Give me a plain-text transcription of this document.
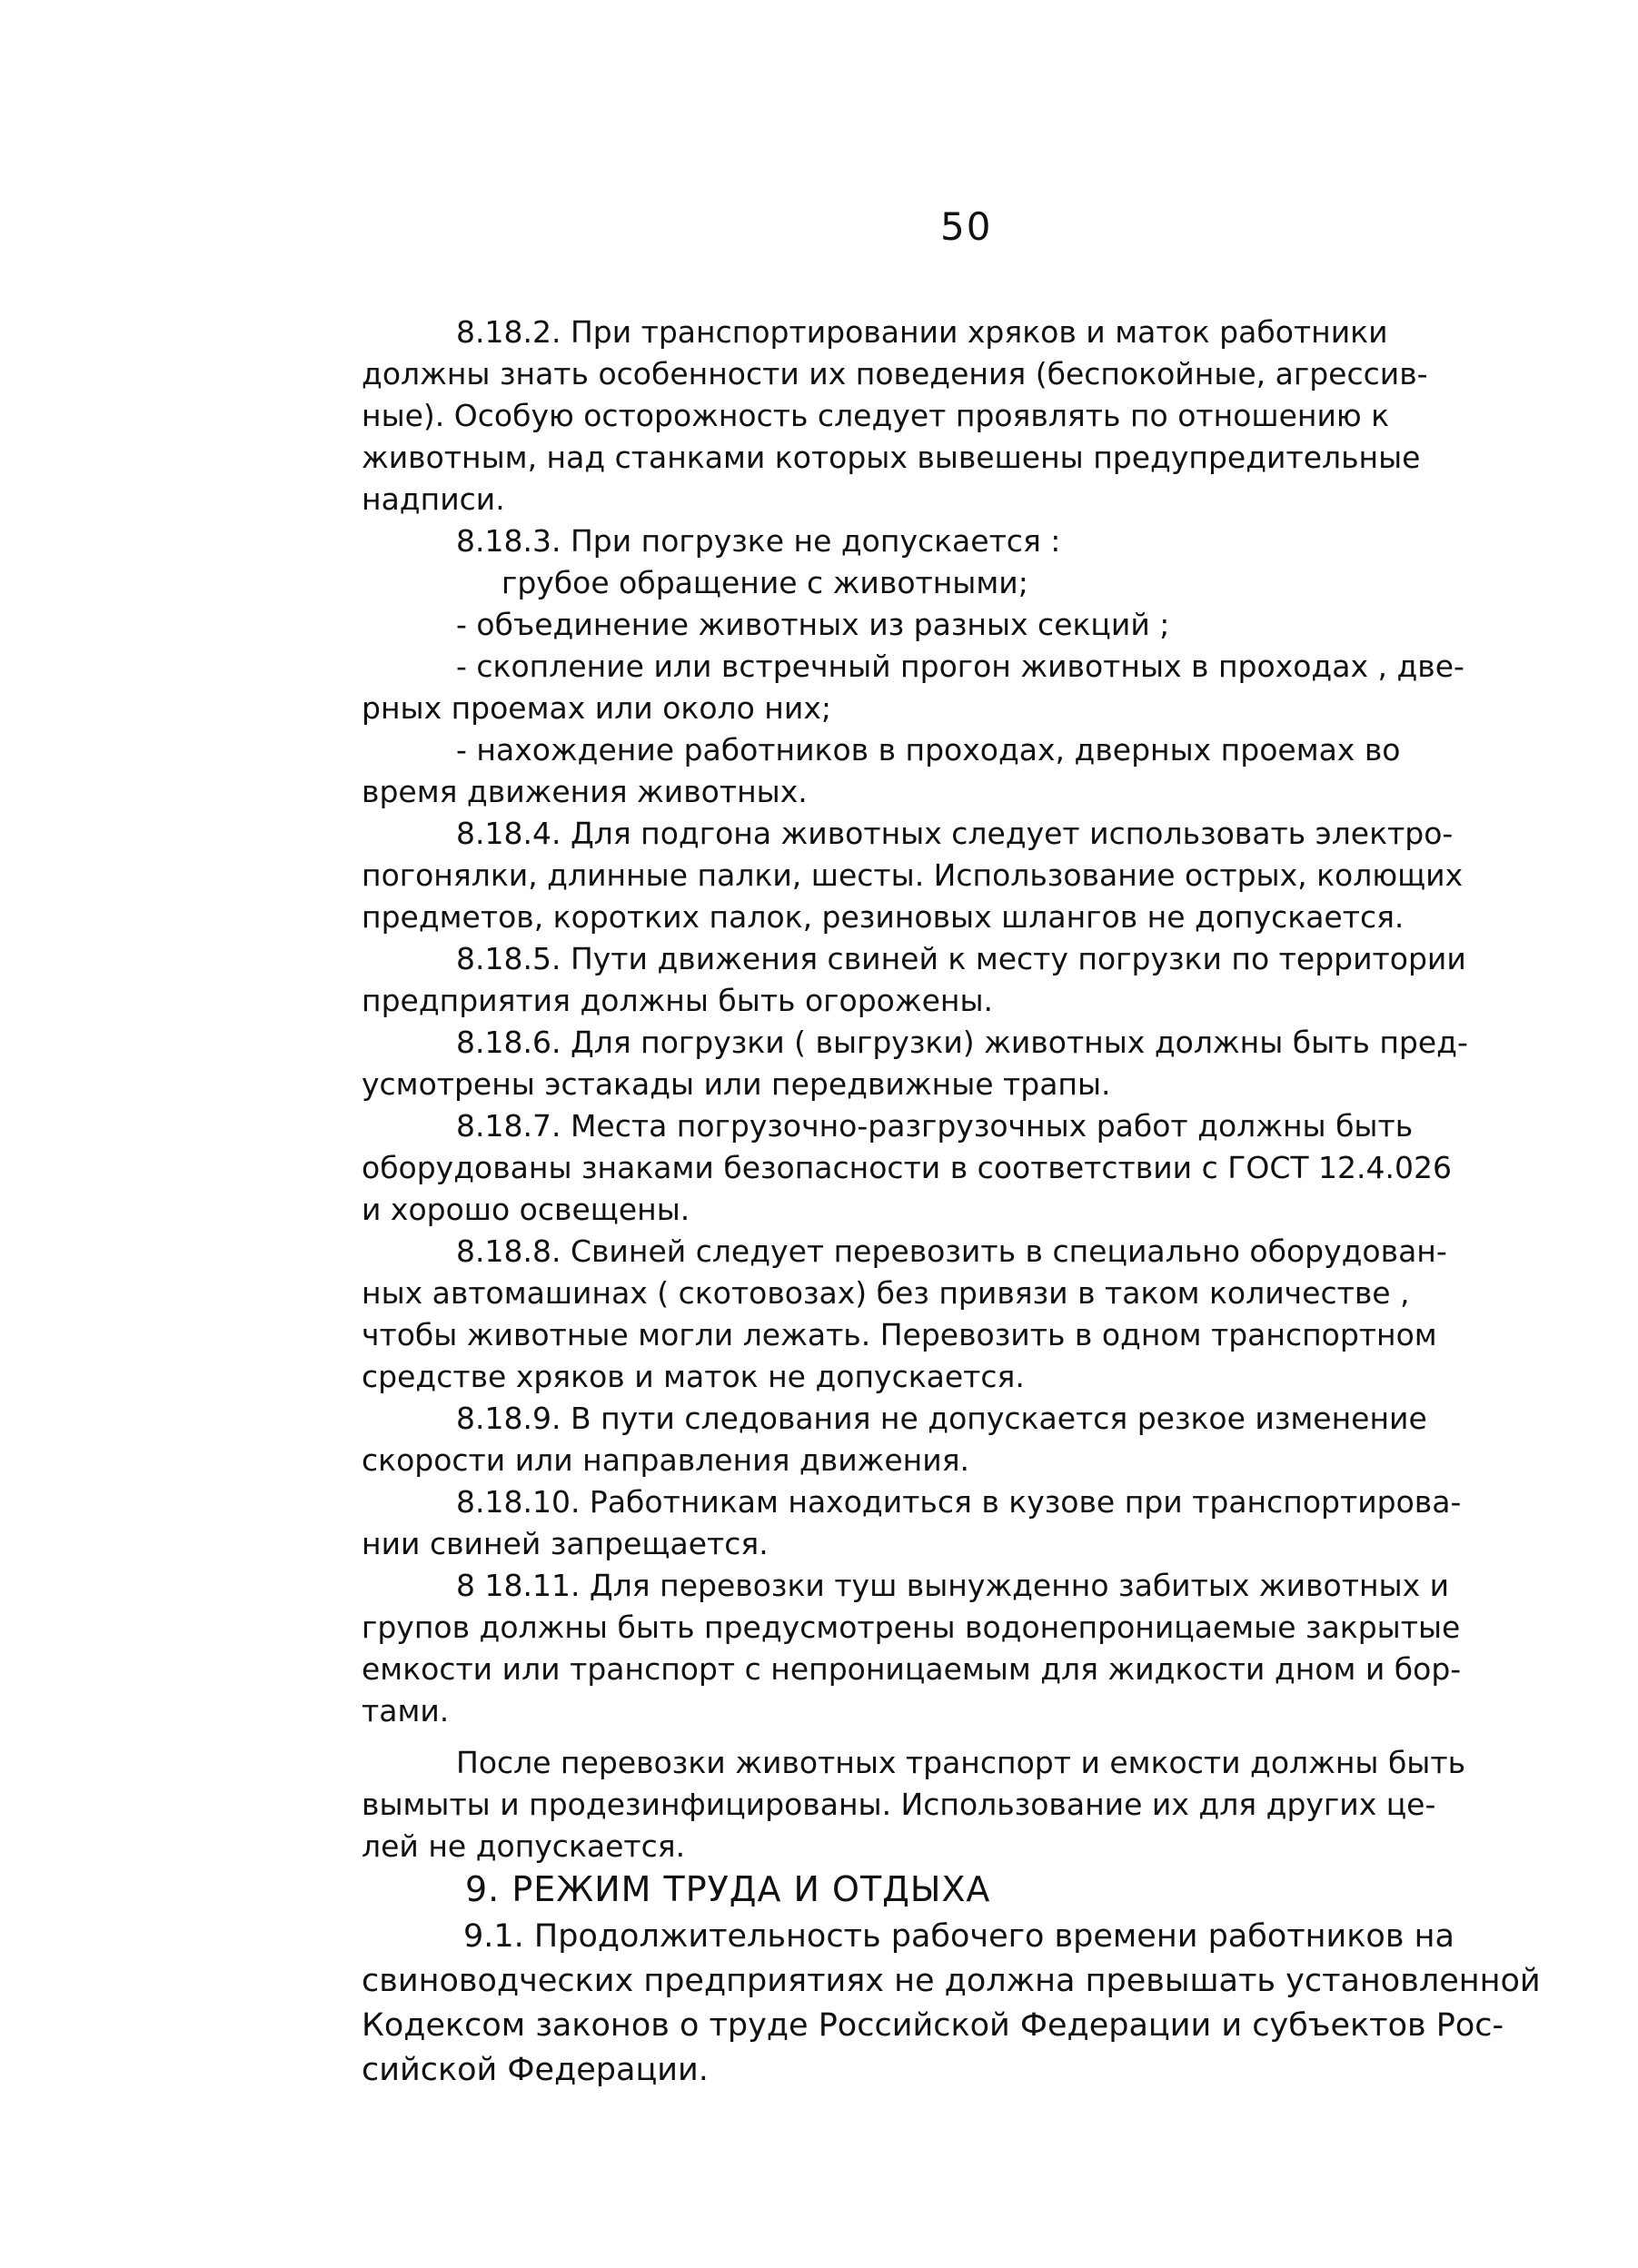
50
8.18.2. При транспортировании хряков и маток работники
должны знать особенности их поведения (беспокойные, агрессив-
ные). Особую осторожность следует проявлять по отношению к
животным, над станками которых вывешены предупредительные
надписи.
8.18.3. При погрузке не допускается :
грубое обращение с животными;
- объединение животных из разных секций ;
- скопление или встречный прогон животных в проходах , две-
рных проемах или около них;
- нахождение работников в проходах, дверных проемах во
время движения животных.
8.18.4. Для подгона животных следует использовать электро-
погонялки, длинные палки, шесты. Использование острых, колющих
предметов, коротких палок, резиновых шлангов не допускается.
8.18.5. Пути движения свиней к месту погрузки по территории
предприятия должны быть огорожены.
8.18.6. Для погрузки ( выгрузки) животных должны быть пред-
усмотрены эстакады или передвижные трапы.
8.18.7. Места погрузочно-разгрузочных работ должны быть
оборудованы знаками безопасности в соответствии с ГОСТ 12.4.026
и хорошо освещены.
8.18.8. Свиней следует перевозить в специально оборудован-
ных автомашинах ( скотовозах) без привязи в таком количестве ,
чтобы животные могли лежать. Перевозить в одном транспортном
средстве хряков и маток не допускается.
8.18.9. В пути следования не допускается резкое изменение
скорости или направления движения.
8.18.10. Работникам находиться в кузове при транспортирова-
нии свиней запрещается.
8 18.11. Для перевозки туш вынужденно забитых животных и
групов должны быть предусмотрены водонепроницаемые закрытые
емкости или транспорт с непроницаемым для жидкости дном и бор-
тами.
После перевозки животных транспорт и емкости должны быть
вымыты и продезинфицированы. Использование их для других це-
лей не допускается.
9. РЕЖИМ ТРУДА И ОТДЫХА
9.1. Продолжительность рабочего времени работников на
свиноводческих предприятиях не должна превышать установленной
Кодексом законов о труде Российской Федерации и субъектов Рос-
сийской Федерации.
